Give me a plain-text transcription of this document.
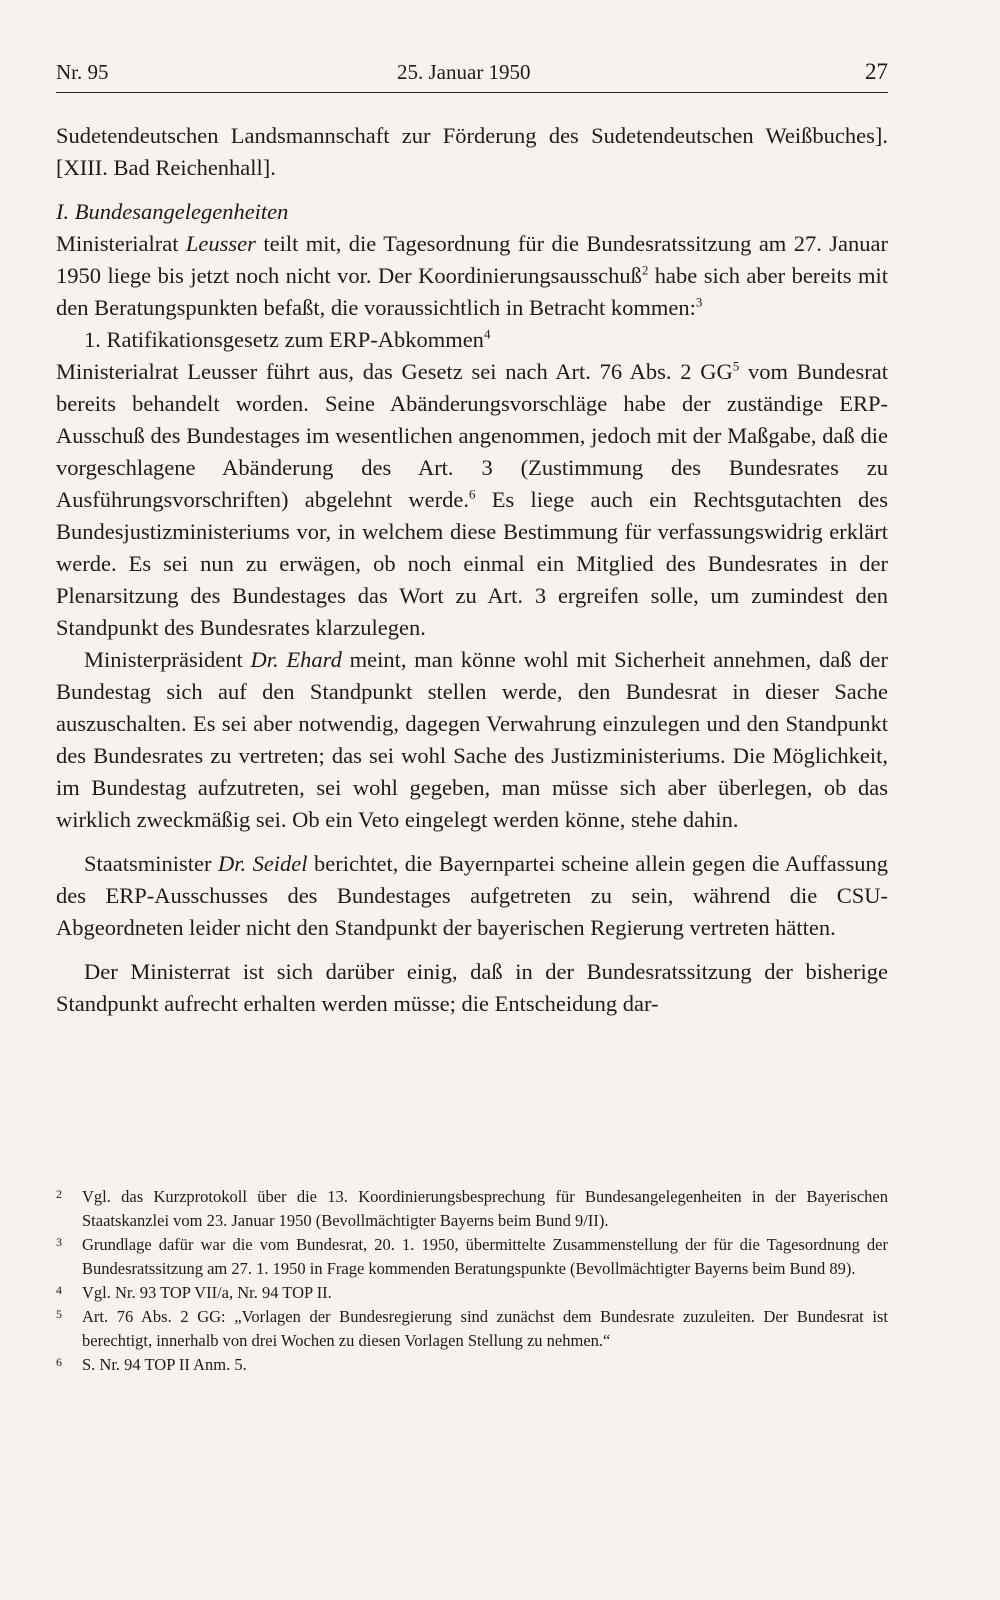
Nr. 95	25. Januar 1950	27

Sudetendeutschen Landsmannschaft zur Förderung des Sudetendeutschen Weißbuches]. [XIII. Bad Reichenhall].

I. Bundesangelegenheiten

Ministerialrat Leusser teilt mit, die Tagesordnung für die Bundesratssitzung am 27. Januar 1950 liege bis jetzt noch nicht vor. Der Koordinierungsausschuß$^2$ habe sich aber bereits mit den Beratungspunkten befaßt, die voraussichtlich in Betracht kommen:$^3$

1. Ratifikationsgesetz zum ERP-Abkommen$^4$

Ministerialrat Leusser führt aus, das Gesetz sei nach Art. 76 Abs. 2 $GG^5$ vom Bundesrat bereits behandelt worden. Seine Abänderungsvorschläge habe der zuständige ERP-Ausschuß des Bundestages im wesentlichen angenommen, jedoch mit der Maßgabe, daß die vorgeschlagene Abänderung des Art. 3 (Zustimmung des Bundesrates zu Ausführungsvorschriften) abgelehnt werde.$^6$ Es liege auch ein Rechtsgutachten des Bundesjustizministeriums vor, in welchem diese Bestimmung für verfassungswidrig erklärt werde. Es sei nun zu erwägen, ob noch einmal ein Mitglied des Bundesrates in der Plenarsitzung des Bundestages das Wort zu Art. 3 ergreifen solle, um zumindest den Standpunkt des Bundesrates klarzulegen.

Ministerpräsident Dr. Ehard meint, man könne wohl mit Sicherheit annehmen, daß der Bundestag sich auf den Standpunkt stellen werde, den Bundesrat in dieser Sache auszuschalten. Es sei aber notwendig, dagegen Verwahrung einzulegen und den Standpunkt des Bundesrates zu vertreten; das sei wohl Sache des Justizministeriums. Die Möglichkeit, im Bundestag aufzutreten, sei wohl gegeben, man müsse sich aber überlegen, ob das wirklich zweckmäßig sei. Ob ein Veto eingelegt werden könne, stehe dahin.

Staatsminister Dr. Seidel berichtet, die Bayernpartei scheine allein gegen die Auffassung des ERP-Ausschusses des Bundestages aufgetreten zu sein, während die CSU-Abgeordneten leider nicht den Standpunkt der bayerischen Regierung vertreten hätten.

Der Ministerrat ist sich darüber einig, daß in der Bundesratssitzung der bisherige Standpunkt aufrecht erhalten werden müsse; die Entscheidung dar-

2 Vgl. das Kurzprotokoll über die 13. Koordinierungsbesprechung für Bundesangelegenheiten in der Bayerischen Staatskanzlei vom 23. Januar 1950 (Bevollmächtigter Bayerns beim Bund 9/II).

3 Grundlage dafür war die vom Bundesrat, 20. 1. 1950, übermittelte Zusammenstellung der für die Tagesordnung der Bundesratssitzung am 27. 1. 1950 in Frage kommenden Beratungspunkte (Bevollmächtigter Bayerns beim Bund 89).

4 Vgl. Nr. 93 TOP VII/a, Nr. 94 TOP II.

5 Art. 76 Abs. 2 GG: „Vorlagen der Bundesregierung sind zunächst dem Bundesrate zuzuleiten. Der Bundesrat ist berechtigt, innerhalb von drei Wochen zu diesen Vorlagen Stellung zu nehmen.“

6 S. Nr. 94 TOP II Anm. 5.
